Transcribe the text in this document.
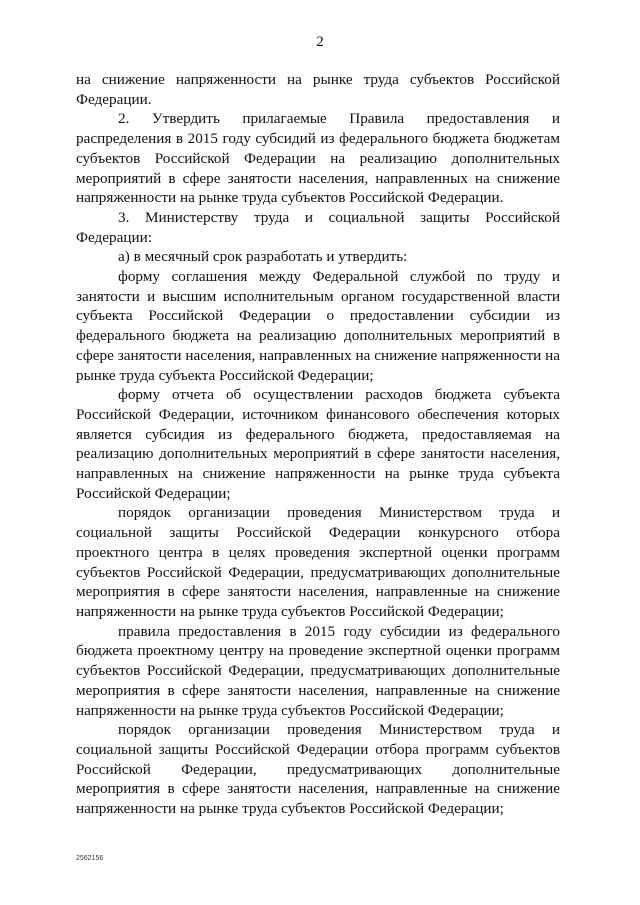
2

на снижение напряженности на рынке труда субъектов Российской Федерации.

2. Утвердить прилагаемые Правила предоставления и распределения в 2015 году субсидий из федерального бюджета бюджетам субъектов Российской Федерации на реализацию дополнительных мероприятий в сфере занятости населения, направленных на снижение напряженности на рынке труда субъектов Российской Федерации.

3. Министерству труда и социальной защиты Российской Федерации:

а) в месячный срок разработать и утвердить:

форму соглашения между Федеральной службой по труду и занятости и высшим исполнительным органом государственной власти субъекта Российской Федерации о предоставлении субсидии из федерального бюджета на реализацию дополнительных мероприятий в сфере занятости населения, направленных на снижение напряженности на рынке труда субъекта Российской Федерации;

форму отчета об осуществлении расходов бюджета субъекта Российской Федерации, источником финансового обеспечения которых является субсидия из федерального бюджета, предоставляемая на реализацию дополнительных мероприятий в сфере занятости населения, направленных на снижение напряженности на рынке труда субъекта Российской Федерации;

порядок организации проведения Министерством труда и социальной защиты Российской Федерации конкурсного отбора проектного центра в целях проведения экспертной оценки программ субъектов Российской Федерации, предусматривающих дополнительные мероприятия в сфере занятости населения, направленные на снижение напряженности на рынке труда субъектов Российской Федерации;

правила предоставления в 2015 году субсидии из федерального бюджета проектному центру на проведение экспертной оценки программ субъектов Российской Федерации, предусматривающих дополнительные мероприятия в сфере занятости населения, направленные на снижение напряженности на рынке труда субъектов Российской Федерации;

порядок организации проведения Министерством труда и социальной защиты Российской Федерации отбора программ субъектов Российской Федерации, предусматривающих дополнительные мероприятия в сфере занятости населения, направленные на снижение напряженности на рынке труда субъектов Российской Федерации;

2562156
